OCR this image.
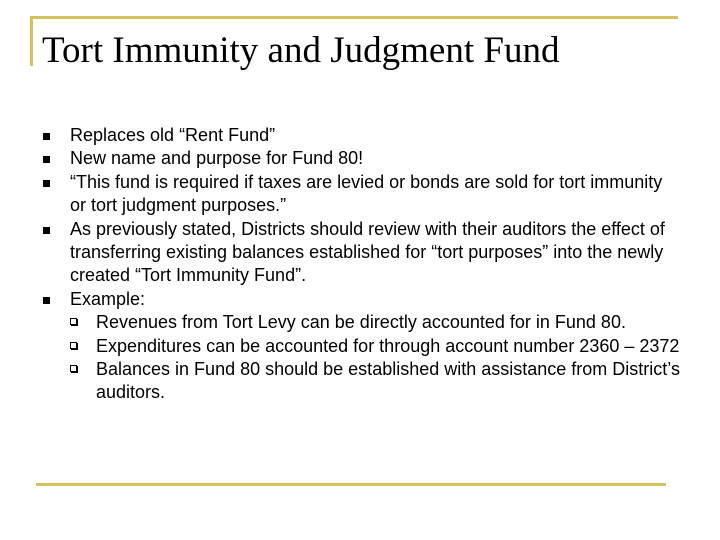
Tort Immunity and Judgment Fund
Replaces old “Rent Fund”
New name and purpose for Fund 80!
“This fund is required if taxes are levied or bonds are sold for tort immunity or tort judgment purposes.”
As previously stated, Districts should review with their auditors the effect of transferring existing balances established for “tort purposes” into the newly created “Tort Immunity Fund”.
Example:
Revenues from Tort Levy can be directly accounted for in Fund 80.
Expenditures can be accounted for through account number 2360 – 2372
Balances in Fund 80 should be established with assistance from District’s auditors.
